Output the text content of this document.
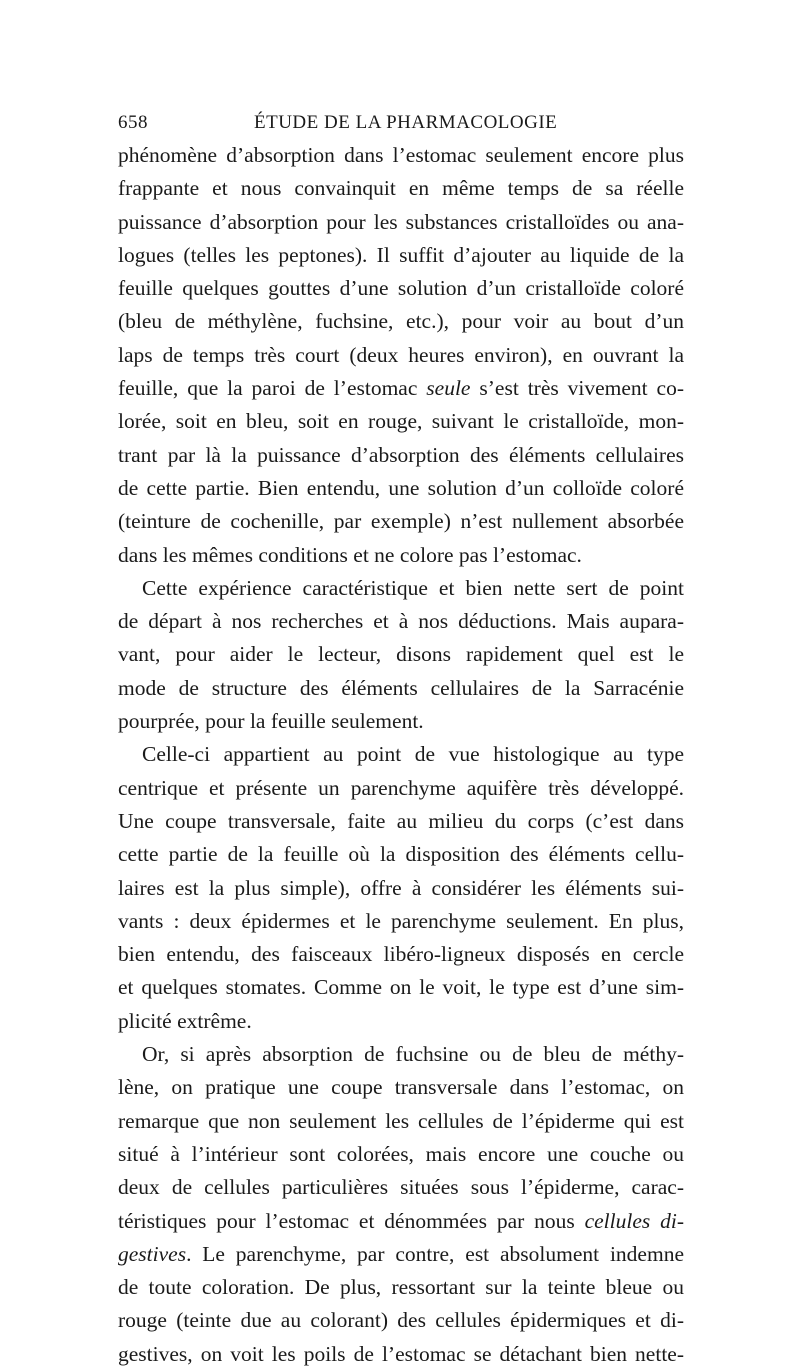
658	ÉTUDE DE LA PHARMACOLOGIE
phénomène d’absorption dans l’estomac seulement encore plus
frappante et nous convainquit en même temps de sa réelle
puissance d’absorption pour les substances cristalloïdes ou ana-
logues (telles les peptones). Il suffit d’ajouter au liquide de la
feuille quelques gouttes d’une solution d’un cristalloïde coloré
(bleu de méthylène, fuchsine, etc.), pour voir au bout d’un
laps de temps très court (deux heures environ), en ouvrant la
feuille, que la paroi de l’estomac seule s’est très vivement co-
lorée, soit en bleu, soit en rouge, suivant le cristalloïde, mon-
trant par là la puissance d’absorption des éléments cellulaires
de cette partie. Bien entendu, une solution d’un colloïde coloré
(teinture de cochenille, par exemple) n’est nullement absorbée
dans les mêmes conditions et ne colore pas l’estomac.
Cette expérience caractéristique et bien nette sert de point
de départ à nos recherches et à nos déductions. Mais aupara-
vant, pour aider le lecteur, disons rapidement quel est le
mode de structure des éléments cellulaires de la Sarracénie
pourprée, pour la feuille seulement.
Celle-ci appartient au point de vue histologique au type
centrique et présente un parenchyme aquifère très développé.
Une coupe transversale, faite au milieu du corps (c’est dans
cette partie de la feuille où la disposition des éléments cellu-
laires est la plus simple), offre à considérer les éléments sui-
vants : deux épidermes et le parenchyme seulement. En plus,
bien entendu, des faisceaux libéro-ligneux disposés en cercle
et quelques stomates. Comme on le voit, le type est d’une sim-
plicité extrême.
Or, si après absorption de fuchsine ou de bleu de méthy-
lène, on pratique une coupe transversale dans l’estomac, on
remarque que non seulement les cellules de l’épiderme qui est
situé à l’intérieur sont colorées, mais encore une couche ou
deux de cellules particulières situées sous l’épiderme, carac-
téristiques pour l’estomac et dénommées par nous cellules di-
gestives. Le parenchyme, par contre, est absolument indemne
de toute coloration. De plus, ressortant sur la teinte bleue ou
rouge (teinte due au colorant) des cellules épidermiques et di-
gestives, on voit les poils de l’estomac se détachant bien nette-
